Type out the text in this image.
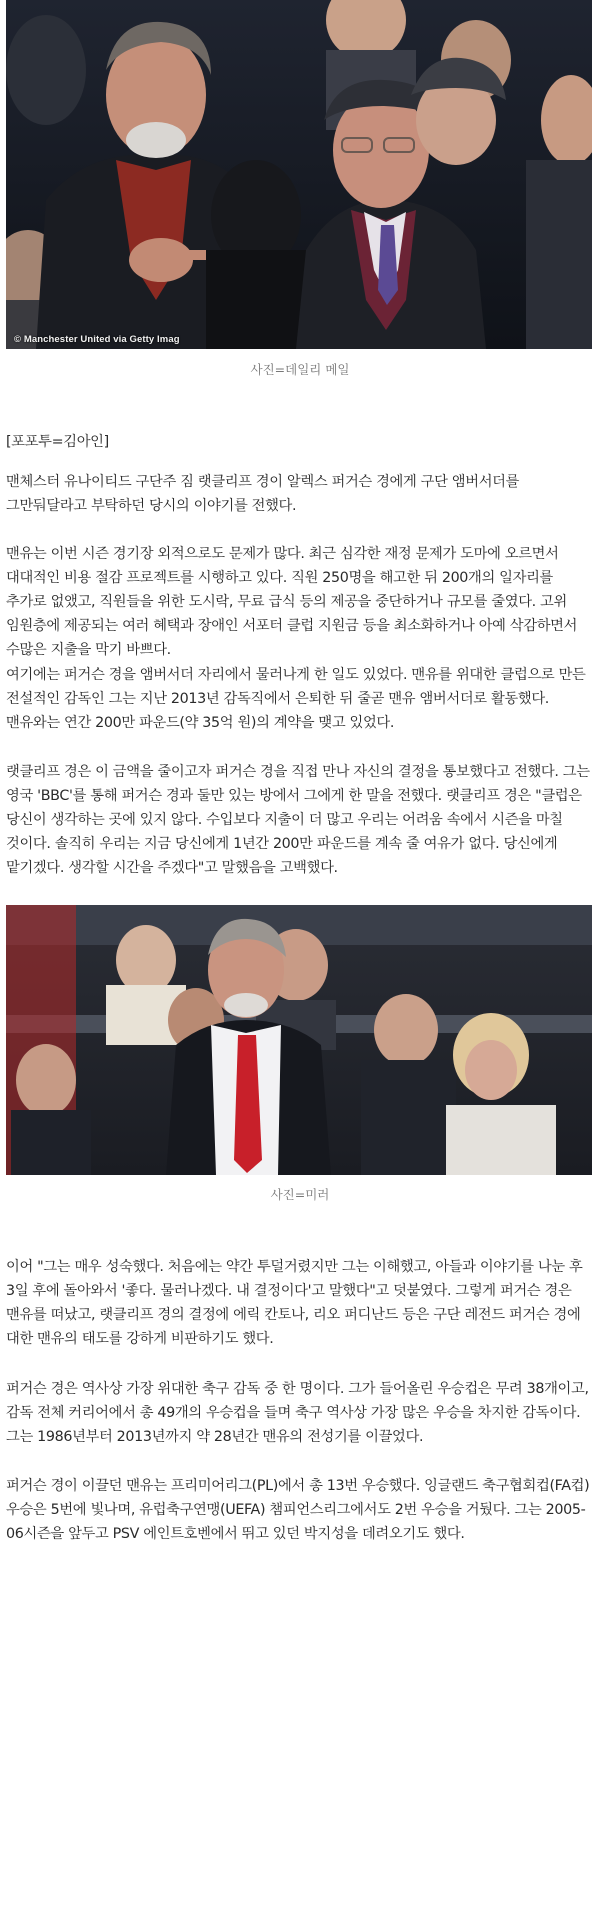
© Manchester United via Getty Imag
사진=데일리 메일

[포포투=김아인]

맨체스터 유나이티드 구단주 짐 랫클리프 경이 알렉스 퍼거슨 경에게 구단 앰버서더를 그만둬달라고 부탁하던 당시의 이야기를 전했다.

맨유는 이번 시즌 경기장 외적으로도 문제가 많다. 최근 심각한 재정 문제가 도마에 오르면서 대대적인 비용 절감 프로젝트를 시행하고 있다. 직원 250명을 해고한 뒤 200개의 일자리를 추가로 없앴고, 직원들을 위한 도시락, 무료 급식 등의 제공을 중단하거나 규모를 줄였다. 고위 임원층에 제공되는 여러 혜택과 장애인 서포터 클럽 지원금 등을 최소화하거나 아예 삭감하면서 수많은 지출을 막기 바쁘다.

여기에는 퍼거슨 경을 앰버서더 자리에서 물러나게 한 일도 있었다. 맨유를 위대한 클럽으로 만든 전설적인 감독인 그는 지난 2013년 감독직에서 은퇴한 뒤 줄곧 맨유 앰버서더로 활동했다. 맨유와는 연간 200만 파운드(약 35억 원)의 계약을 맺고 있었다.

랫클리프 경은 이 금액을 줄이고자 퍼거슨 경을 직접 만나 자신의 결정을 통보했다고 전했다. 그는 영국 'BBC'를 통해 퍼거슨 경과 둘만 있는 방에서 그에게 한 말을 전했다. 랫클리프 경은 "클럽은 당신이 생각하는 곳에 있지 않다. 수입보다 지출이 더 많고 우리는 어려움 속에서 시즌을 마칠 것이다. 솔직히 우리는 지금 당신에게 1년간 200만 파운드를 계속 줄 여유가 없다. 당신에게 맡기겠다. 생각할 시간을 주겠다"고 말했음을 고백했다.

사진=미러

이어 "그는 매우 성숙했다. 처음에는 약간 투덜거렸지만 그는 이해했고, 아들과 이야기를 나눈 후 3일 후에 돌아와서 '좋다. 물러나겠다. 내 결정이다'고 말했다"고 덧붙였다. 그렇게 퍼거슨 경은 맨유를 떠났고, 랫클리프 경의 결정에 에릭 칸토나, 리오 퍼디난드 등은 구단 레전드 퍼거슨 경에 대한 맨유의 태도를 강하게 비판하기도 했다.

퍼거슨 경은 역사상 가장 위대한 축구 감독 중 한 명이다. 그가 들어올린 우승컵은 무려 38개이고, 감독 전체 커리어에서 총 49개의 우승컵을 들며 축구 역사상 가장 많은 우승을 차지한 감독이다. 그는 1986년부터 2013년까지 약 28년간 맨유의 전성기를 이끌었다.

퍼거슨 경이 이끌던 맨유는 프리미어리그(PL)에서 총 13번 우승했다. 잉글랜드 축구협회컵(FA컵) 우승은 5번에 빛나며, 유럽축구연맹(UEFA) 챔피언스리그에서도 2번 우승을 거뒀다. 그는 2005-06시즌을 앞두고 PSV 에인트호벤에서 뛰고 있던 박지성을 데려오기도 했다.
